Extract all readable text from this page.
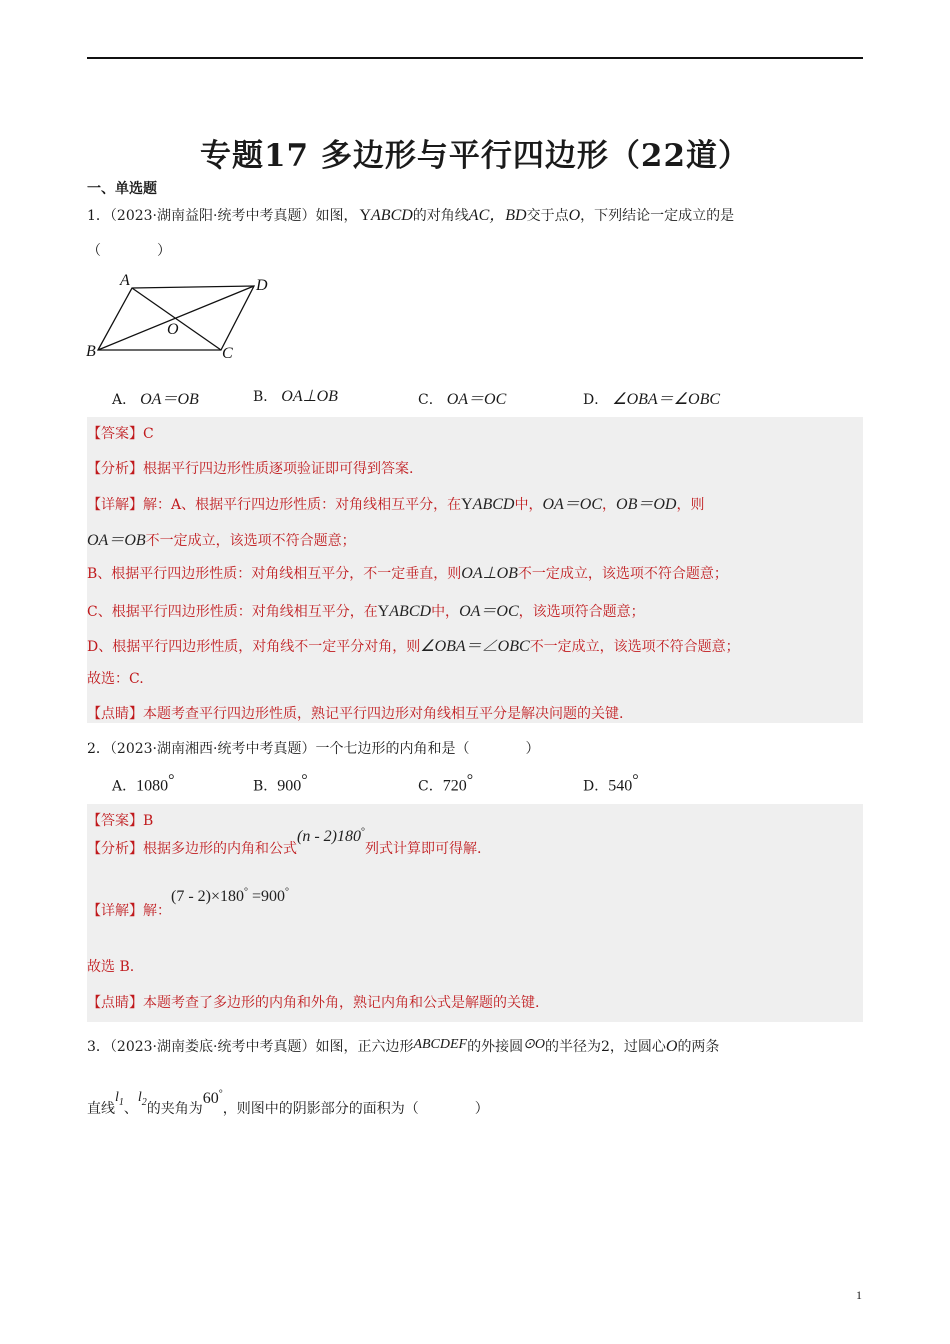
专题17 多边形与平行四边形（22道）
一、单选题
1．（2023·湖南益阳·统考中考真题）如图， YABCD的对角线AC，BD交于点O，下列结论一定成立的是
（　　　　）
A	D
B	C
O
A． OA＝OB	B． OA⊥OB	C． OA＝OC	D． ∠OBA＝∠OBC
【答案】C
【分析】根据平行四边形性质逐项验证即可得到答案.
【详解】解：A、根据平行四边形性质：对角线相互平分，在YABCD中，OA＝OC，OB＝OD，则
OA＝OB不一定成立，该选项不符合题意；
B、根据平行四边形性质：对角线相互平分，不一定垂直，则OA⊥OB不一定成立，该选项不符合题意；
C、根据平行四边形性质：对角线相互平分，在YABCD中，OA＝OC，该选项符合题意；
D、根据平行四边形性质，对角线不一定平分对角，则∠OBA＝∠OBC不一定成立，该选项不符合题意；
故选：C.
【点睛】本题考查平行四边形性质，熟记平行四边形对角线相互平分是解决问题的关键.
2．（2023·湖南湘西·统考中考真题）一个七边形的内角和是（　　　　）
A．1080°	B．900°	C．720°	D．540°
【答案】B
【分析】根据多边形的内角和公式(n - 2)180°列式计算即可得解.
【详解】解：(7 - 2)×180° =900°
故选 B.
【点睛】本题考查了多边形的内角和外角，熟记内角和公式是解题的关键.
3．（2023·湖南娄底·统考中考真题）如图，正六边形ABCDEF的外接圆⊙O的半径为2，过圆心O的两条
直线$l_1$、$l_2$的夹角为60°，则图中的阴影部分的面积为（　　　　）
1
